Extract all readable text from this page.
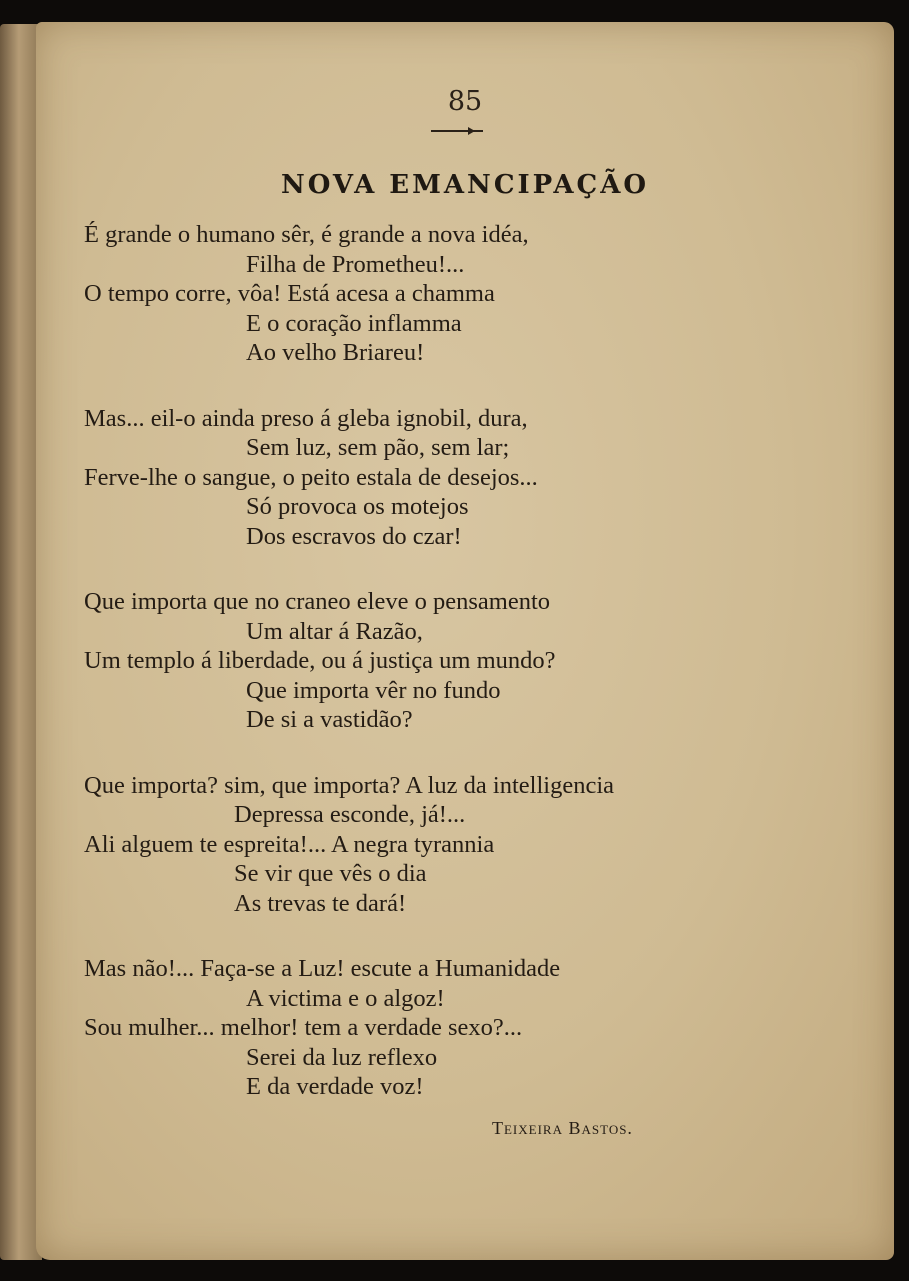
85
NOVA EMANCIPAÇÃO
Teixeira Bastos.
É grande o humano sêr, é grande a nova idéa,
Filha de Prometheu!...
O tempo corre, vôa! Está acesa a chamma
E o coração inflamma
Ao velho Briareu!
Mas... eil-o ainda preso á gleba ignobil, dura,
Sem luz, sem pão, sem lar;
Ferve-lhe o sangue, o peito estala de desejos...
Só provoca os motejos
Dos escravos do czar!
Que importa que no craneo eleve o pensamento
Um altar á Razão,
Um templo á liberdade, ou á justiça um mundo?
Que importa vêr no fundo
De si a vastidão?
Que importa? sim, que importa? A luz da intelligencia
Depressa esconde, já!...
Ali alguem te espreita!... A negra tyrannia
Se vir que vês o dia
As trevas te dará!
Mas não!... Faça-se a Luz! escute a Humanidade
A victima e o algoz!
Sou mulher... melhor! tem a verdade sexo?...
Serei da luz reflexo
E da verdade voz!
